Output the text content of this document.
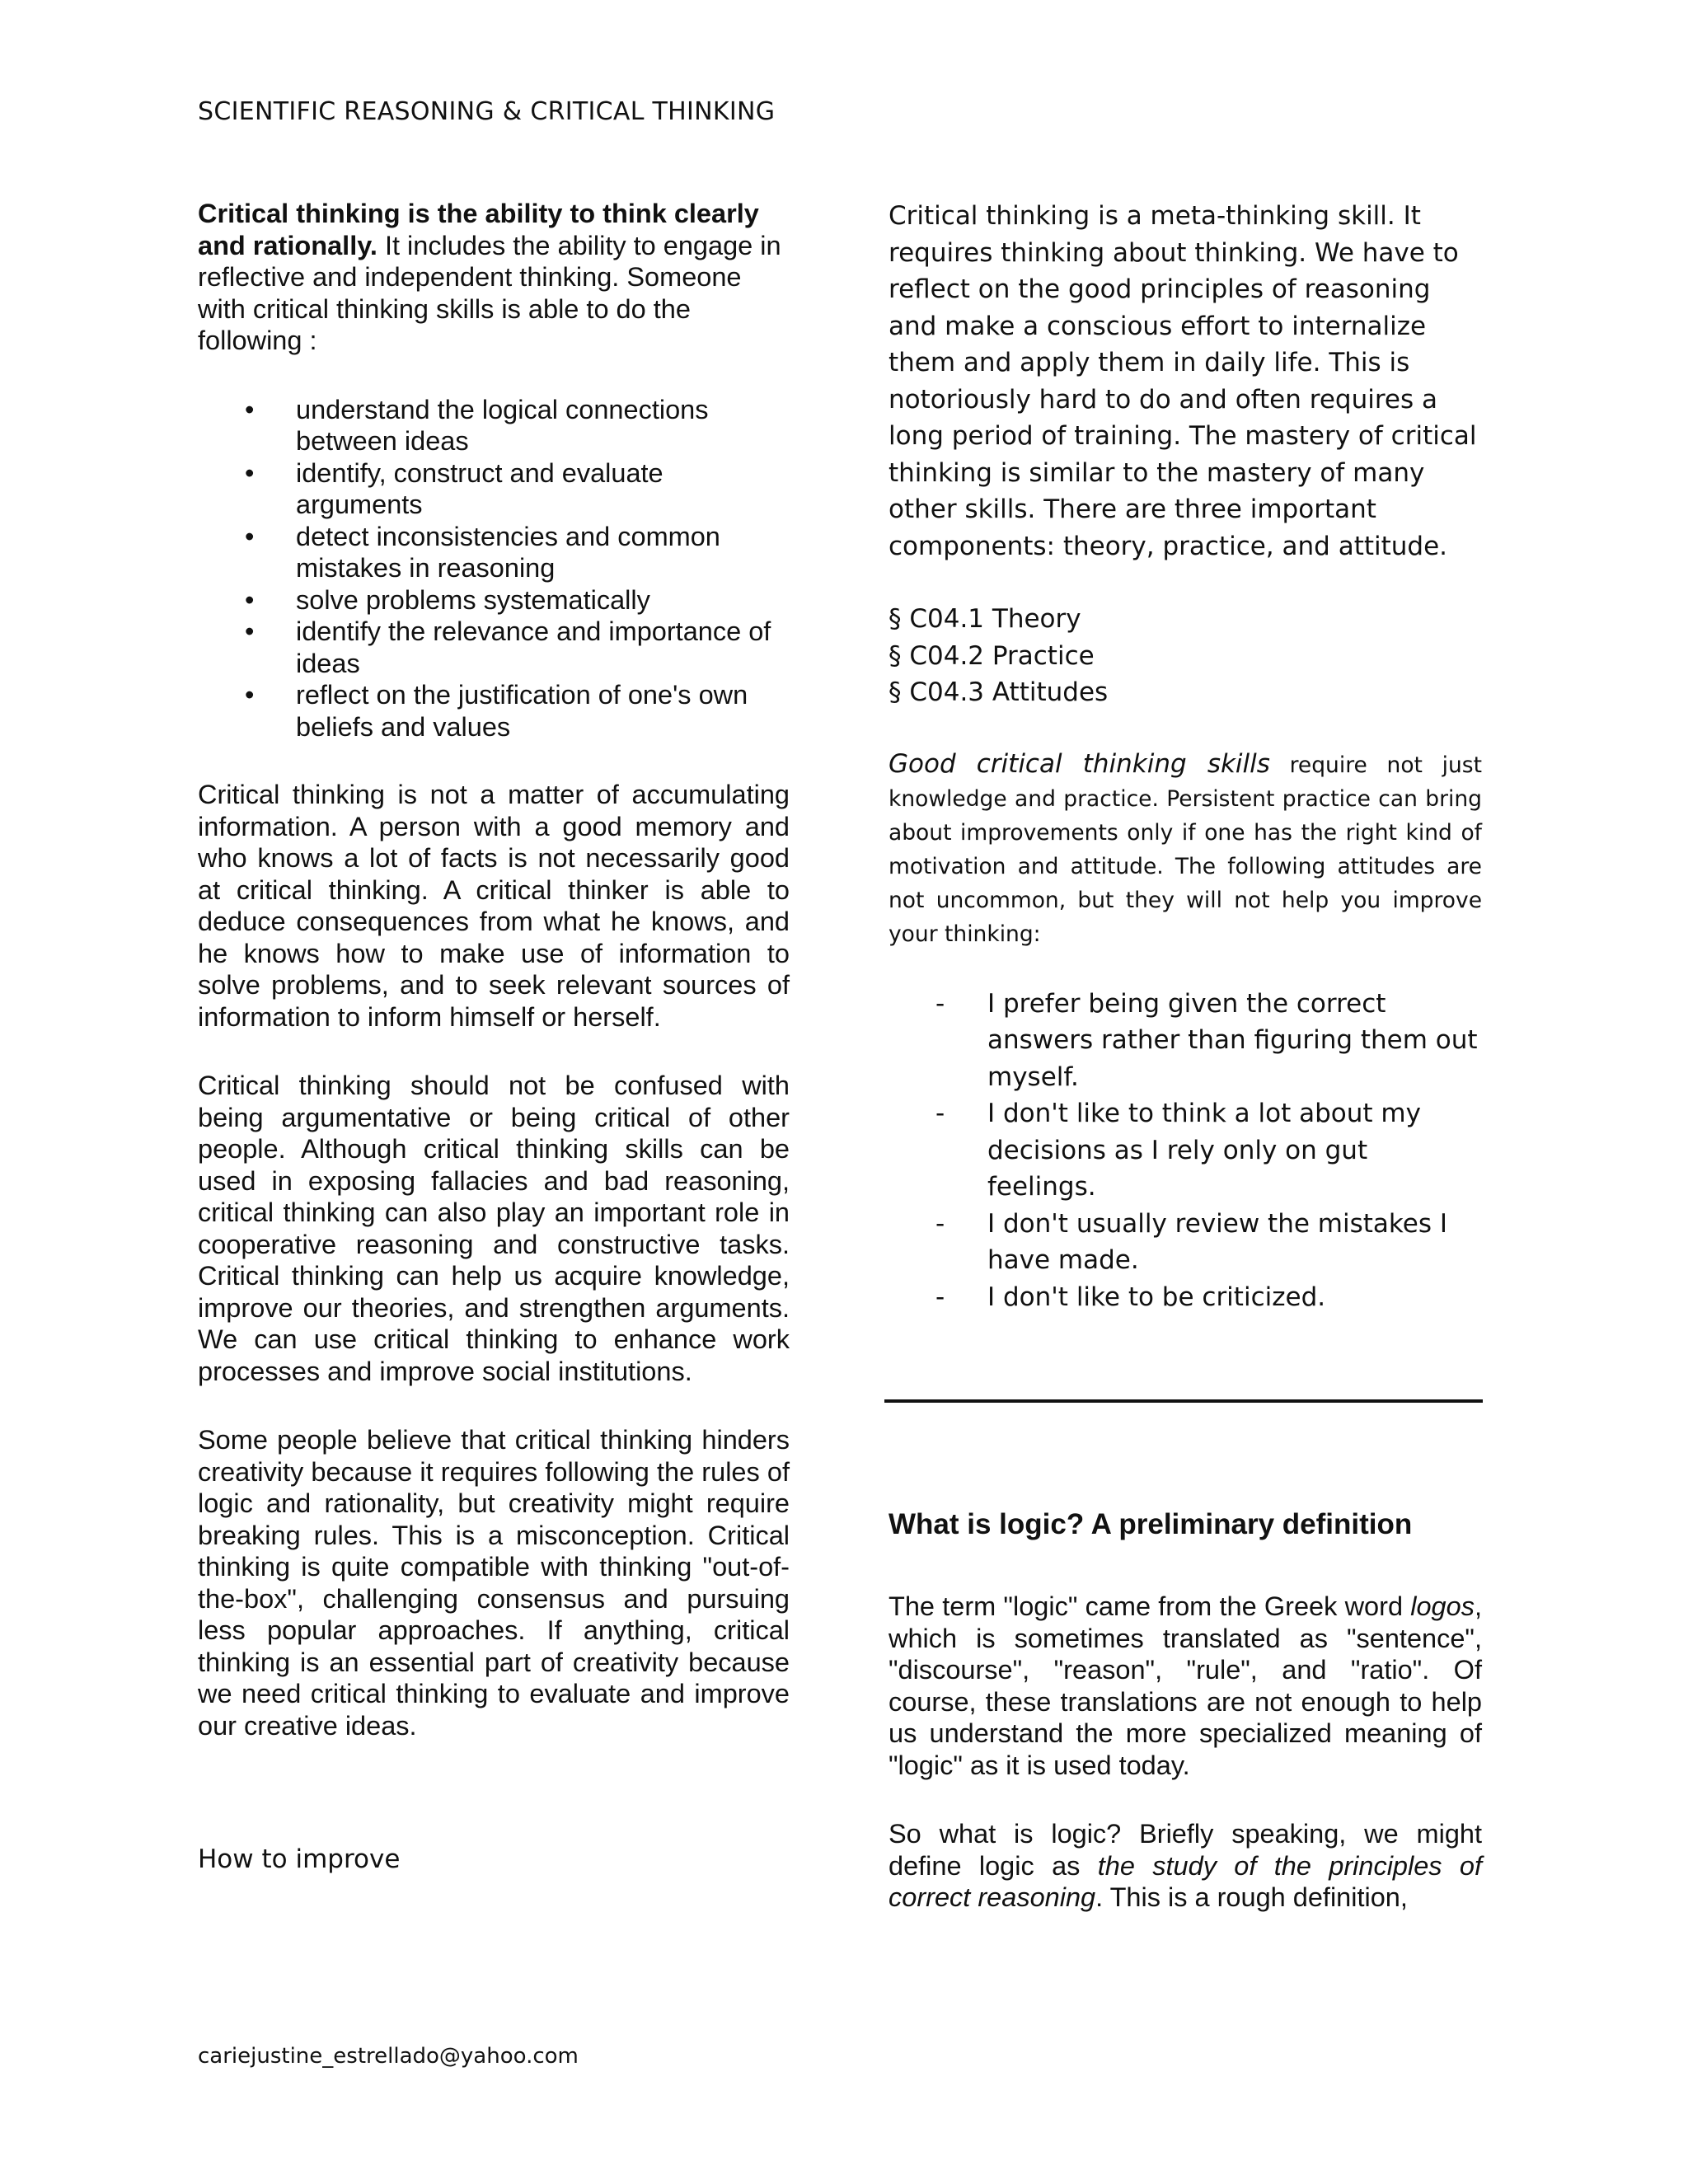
SCIENTIFIC REASONING & CRITICAL THINKING

Critical thinking is the ability to think clearly and rationally. It includes the ability to engage in reflective and independent thinking. Someone with critical thinking skills is able to do the following :

• understand the logical connections between ideas
• identify, construct and evaluate arguments
• detect inconsistencies and common mistakes in reasoning
• solve problems systematically
• identify the relevance and importance of ideas
• reflect on the justification of one's own beliefs and values

Critical thinking is not a matter of accumulating information. A person with a good memory and who knows a lot of facts is not necessarily good at critical thinking. A critical thinker is able to deduce consequences from what he knows, and he knows how to make use of information to solve problems, and to seek relevant sources of information to inform himself or herself.

Critical thinking should not be confused with being argumentative or being critical of other people. Although critical thinking skills can be used in exposing fallacies and bad reasoning, critical thinking can also play an important role in cooperative reasoning and constructive tasks. Critical thinking can help us acquire knowledge, improve our theories, and strengthen arguments. We can use critical thinking to enhance work processes and improve social institutions.

Some people believe that critical thinking hinders creativity because it requires following the rules of logic and rationality, but creativity might require breaking rules. This is a misconception. Critical thinking is quite compatible with thinking "out-of-the-box", challenging consensus and pursuing less popular approaches. If anything, critical thinking is an essential part of creativity because we need critical thinking to evaluate and improve our creative ideas.

How to improve

Critical thinking is a meta-thinking skill. It requires thinking about thinking. We have to reflect on the good principles of reasoning and make a conscious effort to internalize them and apply them in daily life. This is notoriously hard to do and often requires a long period of training. The mastery of critical thinking is similar to the mastery of many other skills. There are three important components: theory, practice, and attitude.

§ C04.1 Theory
§ C04.2 Practice
§ C04.3 Attitudes

Good critical thinking skills require not just knowledge and practice. Persistent practice can bring about improvements only if one has the right kind of motivation and attitude. The following attitudes are not uncommon, but they will not help you improve your thinking:

- I prefer being given the correct answers rather than figuring them out myself.
- I don't like to think a lot about my decisions as I rely only on gut feelings.
- I don't usually review the mistakes I have made.
- I don't like to be criticized.
What is logic? A preliminary definition

The term "logic" came from the Greek word logos, which is sometimes translated as "sentence", "discourse", "reason", "rule", and "ratio". Of course, these translations are not enough to help us understand the more specialized meaning of "logic" as it is used today.

So what is logic? Briefly speaking, we might define logic as the study of the principles of correct reasoning. This is a rough definition,

cariejustine_estrellado@yahoo.com
